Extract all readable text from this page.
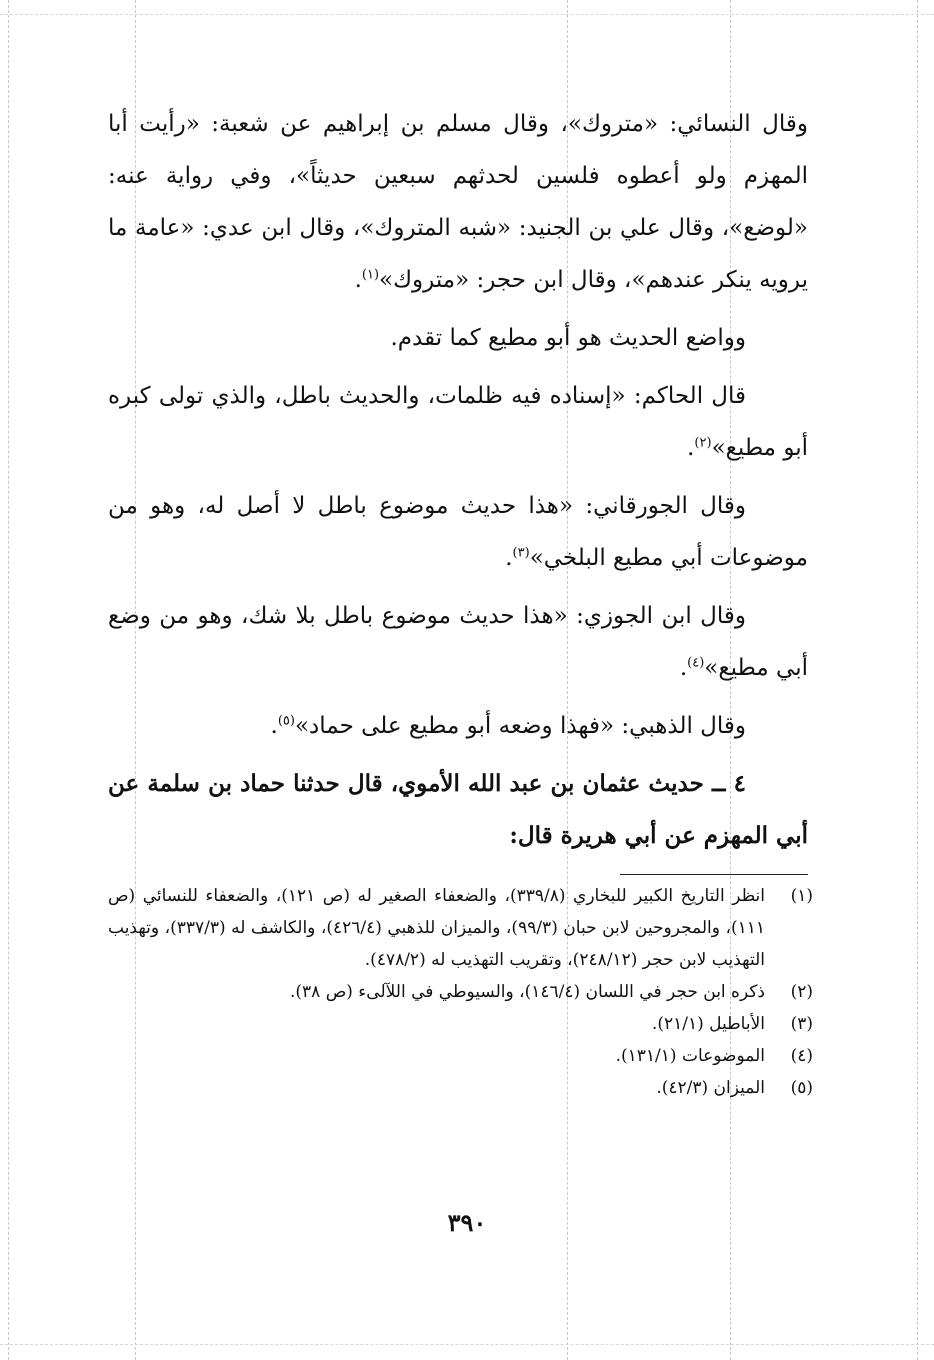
وقال النسائي: «متروك»، وقال مسلم بن إبراهيم عن شعبة: «رأيت أبا المهزم ولو أعطوه فلسين لحدثهم سبعين حديثاً»، وفي رواية عنه: «لوضع»، وقال علي بن الجنيد: «شبه المتروك»، وقال ابن عدي: «عامة ما يرويه ينكر عندهم»، وقال ابن حجر: «متروك»$^{(١)}$.

وواضع الحديث هو أبو مطيع كما تقدم.

قال الحاكم: «إسناده فيه ظلمات، والحديث باطل، والذي تولى كبره أبو مطيع»$^{(٢)}$.

وقال الجورقاني: «هذا حديث موضوع باطل لا أصل له، وهو من موضوعات أبي مطيع البلخي»$^{(٣)}$.

وقال ابن الجوزي: «هذا حديث موضوع باطل بلا شك، وهو من وضع أبي مطيع»$^{(٤)}$.

وقال الذهبي: «فهذا وضعه أبو مطيع على حماد»$^{(٥)}$.

٤ ــ حديث عثمان بن عبد الله الأموي، قال حدثنا حماد بن سلمة عن أبي المهزم عن أبي هريرة قال:

(١)
انظر التاريخ الكبير للبخاري (٣٣٩/٨)، والضعفاء الصغير له (ص ١٢١)، والضعفاء للنسائي (ص ١١١)، والمجروحين لابن حبان (٩٩/٣)، والميزان للذهبي (٤٢٦/٤)، والكاشف له (٣٣٧/٣)، وتهذيب التهذيب لابن حجر (٢٤٨/١٢)، وتقريب التهذيب له (٤٧٨/٢).
(٢)
ذكره ابن حجر في اللسان (١٤٦/٤)، والسيوطي في اللآلىء (ص ٣٨).
(٣)
الأباطيل (٢١/١).
(٤)
الموضوعات (١٣١/١).
(٥)
الميزان (٤٢/٣).
٣٩٠
